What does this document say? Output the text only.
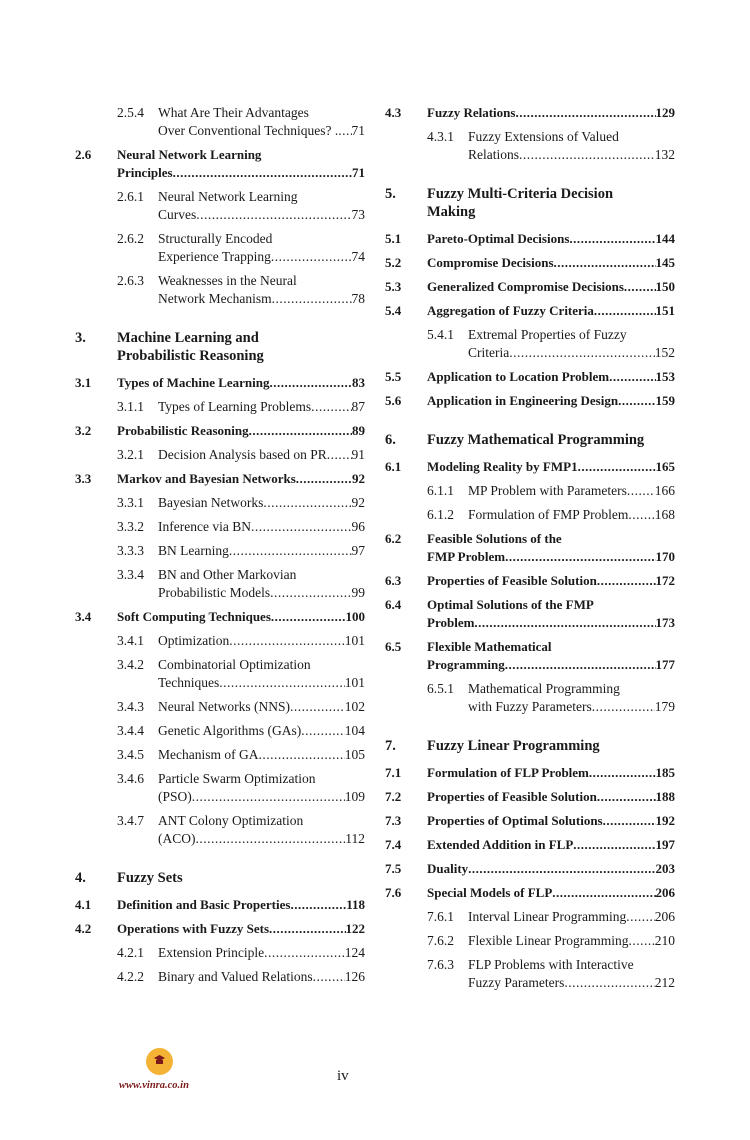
2.5.4 What Are Their Advantages
Over Conventional Techniques? . ..... 71
2.6 Neural Network Learning
Principles .....	71
2.6.1 Neural Network Learning
Curves .....	73
2.6.2 Structurally Encoded
Experience Trapping .....	74
2.6.3 Weaknesses in the Neural
Network Mechanism .....	78
3. Machine Learning and
Probabilistic Reasoning
3.1 Types of Machine Learning .....	83
3.1.1 Types of Learning Problems .....	87
3.2 Probabilistic Reasoning .....	89
3.2.1 Decision Analysis based on PR ..... 91
3.3 Markov and Bayesian Networks .....	92
3.3.1 Bayesian Networks .....	92
3.3.2 Inference via BN .....	96
3.3.3 BN Learning .....	97
3.3.4 BN and Other Markovian
Probabilistic Models .....	99
3.4 Soft Computing Techniques .....	100
3.4.1 Optimization .....	101
3.4.2 Combinatorial Optimization
Techniques .....	101
3.4.3 Neural Networks (NNS) .....	102
3.4.4 Genetic Algorithms (GAs) .....	104
3.4.5 Mechanism of GA .....	105
3.4.6 Particle Swarm Optimization
(PSO) .....	109
3.4.7 ANT Colony Optimization
(ACO) .....	112
4. Fuzzy Sets
4.1 Definition and Basic Properties .....	118
4.2 Operations with Fuzzy Sets .....	122
4.2.1 Extension Principle .....	124
4.2.2 Binary and Valued Relations ..... 126
4.3 Fuzzy Relations .....	129
4.3.1 Fuzzy Extensions of Valued
Relations .....	132
5. Fuzzy Multi-Criteria Decision
Making
5.1 Pareto-Optimal Decisions .....	144
5.2 Compromise Decisions .....	145
5.3 Generalized Compromise Decisions ..... 150
5.4 Aggregation of Fuzzy Criteria .....	151
5.4.1 Extremal Properties of Fuzzy
Criteria .....	152
5.5 Application to Location Problem .....	153
5.6 Application in Engineering Design .....	159
6. Fuzzy Mathematical Programming
6.1 Modeling Reality by FMP1 .....	165
6.1.1 MP Problem with Parameters ..... 166
6.1.2 Formulation of FMP Problem ..... 168
6.2 Feasible Solutions of the
FMP Problem .....	170
6.3 Properties of Feasible Solution .....	172
6.4 Optimal Solutions of the FMP
Problem .....	173
6.5 Flexible Mathematical
Programming .....	177
6.5.1 Mathematical Programming
with Fuzzy Parameters .....	179
7. Fuzzy Linear Programming
7.1 Formulation of FLP Problem .....	185
7.2 Properties of Feasible Solution .....	188
7.3 Properties of Optimal Solutions .....	192
7.4 Extended Addition in FLP .....	197
7.5 Duality .....	203
7.6 Special Models of FLP .....	206
7.6.1 Interval Linear Programming ..... 206
7.6.2 Flexible Linear Programming ..... 210
7.6.3 FLP Problems with Interactive
Fuzzy Parameters .....	212
www.vinra.co.in
iv
